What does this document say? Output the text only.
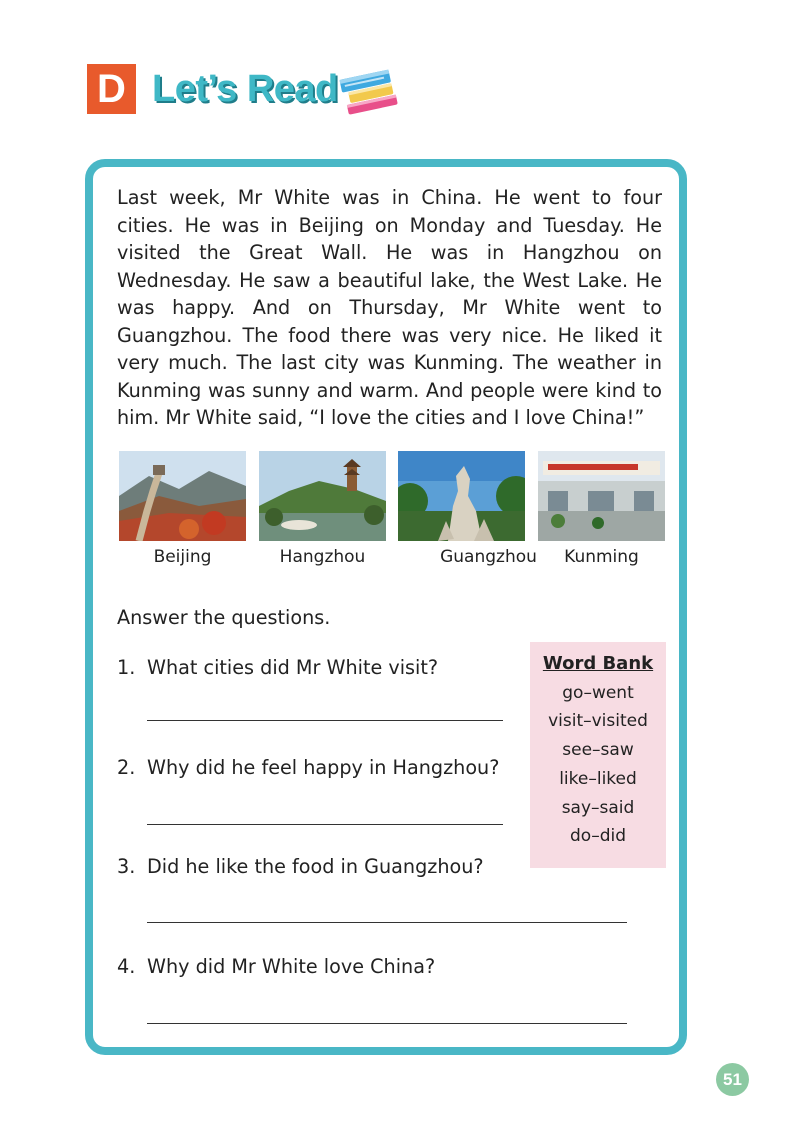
D Let’s Read

Last week, Mr White was in China. He went to four cities. He was in Beijing on Monday and Tuesday. He visited the Great Wall. He was in Hangzhou on Wednesday. He saw a beautiful lake, the West Lake. He was happy. And on Thursday, Mr White went to Guangzhou. The food there was very nice. He liked it very much. The last city was Kunming. The weather in Kunming was sunny and warm. And people were kind to him. Mr White said, “I love the cities and I love China!”

Beijing	Hangzhou	Guangzhou	Kunming
Answer the questions.
1. What cities did Mr White visit?
2. Why did he feel happy in Hangzhou?
3. Did he like the food in Guangzhou?
4. Why did Mr White love China?
Word Bank
go–went
visit–visited
see–saw
like–liked
say–said
do–did
51
